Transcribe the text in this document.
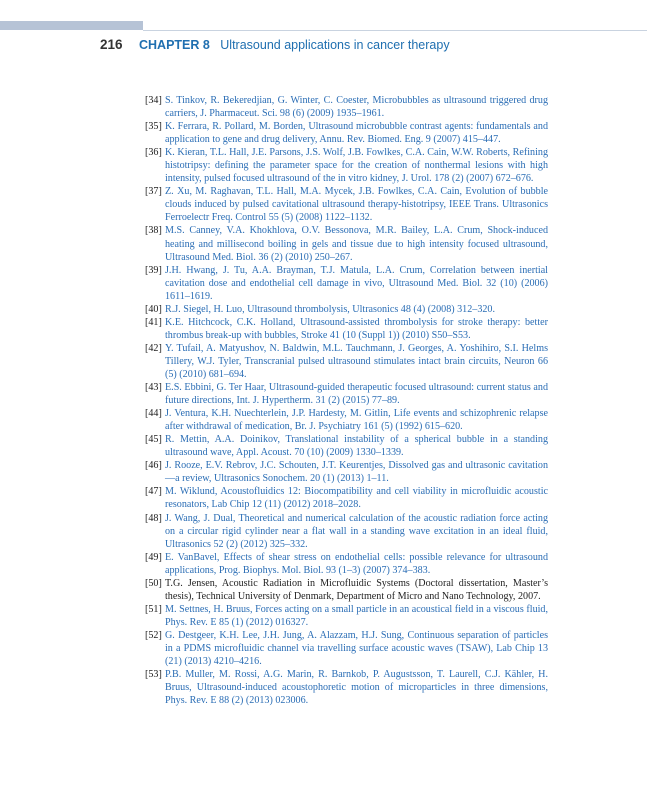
216 CHAPTER 8 Ultrasound applications in cancer therapy
[34] S. Tinkov, R. Bekeredjian, G. Winter, C. Coester, Microbubbles as ultrasound triggered drug carriers, J. Pharmaceut. Sci. 98 (6) (2009) 1935–1961.
[35] K. Ferrara, R. Pollard, M. Borden, Ultrasound microbubble contrast agents: fundamentals and application to gene and drug delivery, Annu. Rev. Biomed. Eng. 9 (2007) 415–447.
[36] K. Kieran, T.L. Hall, J.E. Parsons, J.S. Wolf, J.B. Fowlkes, C.A. Cain, W.W. Roberts, Refining histotripsy: defining the parameter space for the creation of nonthermal lesions with high intensity, pulsed focused ultrasound of the in vitro kidney, J. Urol. 178 (2) (2007) 672–676.
[37] Z. Xu, M. Raghavan, T.L. Hall, M.A. Mycek, J.B. Fowlkes, C.A. Cain, Evolution of bubble clouds induced by pulsed cavitational ultrasound therapy-histotripsy, IEEE Trans. Ultrasonics Ferroelectr Freq. Control 55 (5) (2008) 1122–1132.
[38] M.S. Canney, V.A. Khokhlova, O.V. Bessonova, M.R. Bailey, L.A. Crum, Shock-induced heating and millisecond boiling in gels and tissue due to high intensity focused ultrasound, Ultrasound Med. Biol. 36 (2) (2010) 250–267.
[39] J.H. Hwang, J. Tu, A.A. Brayman, T.J. Matula, L.A. Crum, Correlation between inertial cavitation dose and endothelial cell damage in vivo, Ultrasound Med. Biol. 32 (10) (2006) 1611–1619.
[40] R.J. Siegel, H. Luo, Ultrasound thrombolysis, Ultrasonics 48 (4) (2008) 312–320.
[41] K.E. Hitchcock, C.K. Holland, Ultrasound-assisted thrombolysis for stroke therapy: better thrombus break-up with bubbles, Stroke 41 (10 (Suppl 1)) (2010) S50–S53.
[42] Y. Tufail, A. Matyushov, N. Baldwin, M.L. Tauchmann, J. Georges, A. Yoshihiro, S.I. Helms Tillery, W.J. Tyler, Transcranial pulsed ultrasound stimulates intact brain circuits, Neuron 66 (5) (2010) 681–694.
[43] E.S. Ebbini, G. Ter Haar, Ultrasound-guided therapeutic focused ultrasound: current status and future directions, Int. J. Hypertherm. 31 (2) (2015) 77–89.
[44] J. Ventura, K.H. Nuechterlein, J.P. Hardesty, M. Gitlin, Life events and schizophrenic relapse after withdrawal of medication, Br. J. Psychiatry 161 (5) (1992) 615–620.
[45] R. Mettin, A.A. Doinikov, Translational instability of a spherical bubble in a standing ultrasound wave, Appl. Acoust. 70 (10) (2009) 1330–1339.
[46] J. Rooze, E.V. Rebrov, J.C. Schouten, J.T. Keurentjes, Dissolved gas and ultrasonic cavitation—a review, Ultrasonics Sonochem. 20 (1) (2013) 1–11.
[47] M. Wiklund, Acoustofluidics 12: Biocompatibility and cell viability in microfluidic acoustic resonators, Lab Chip 12 (11) (2012) 2018–2028.
[48] J. Wang, J. Dual, Theoretical and numerical calculation of the acoustic radiation force acting on a circular rigid cylinder near a flat wall in a standing wave excitation in an ideal fluid, Ultrasonics 52 (2) (2012) 325–332.
[49] E. VanBavel, Effects of shear stress on endothelial cells: possible relevance for ultrasound applications, Prog. Biophys. Mol. Biol. 93 (1–3) (2007) 374–383.
[50] T.G. Jensen, Acoustic Radiation in Microfluidic Systems (Doctoral dissertation, Master’s thesis), Technical University of Denmark, Department of Micro and Nano Technology, 2007.
[51] M. Settnes, H. Bruus, Forces acting on a small particle in an acoustical field in a viscous fluid, Phys. Rev. E 85 (1) (2012) 016327.
[52] G. Destgeer, K.H. Lee, J.H. Jung, A. Alazzam, H.J. Sung, Continuous separation of particles in a PDMS microfluidic channel via travelling surface acoustic waves (TSAW), Lab Chip 13 (21) (2013) 4210–4216.
[53] P.B. Muller, M. Rossi, A.G. Marin, R. Barnkob, P. Augustsson, T. Laurell, C.J. Kähler, H. Bruus, Ultrasound-induced acoustophoretic motion of microparticles in three dimensions, Phys. Rev. E 88 (2) (2013) 023006.
